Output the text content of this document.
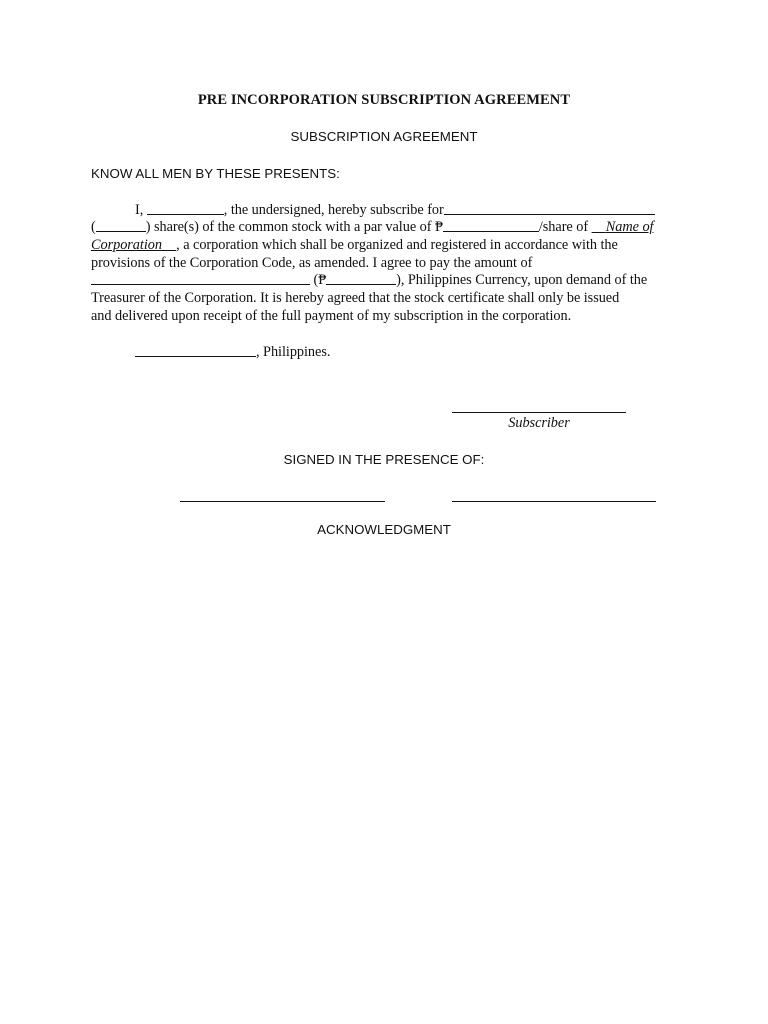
PRE INCORPORATION SUBSCRIPTION AGREEMENT
SUBSCRIPTION AGREEMENT
KNOW ALL MEN BY THESE PRESENTS:
I,	, the undersigned, hereby subscribe for
(	) share(s) of the common stock with a par value of ₱	/share of   Name of
Corporation   , a corporation which shall be organized and registered in accordance with the
provisions of the Corporation Code, as amended. I agree to pay the amount of
(₱	), Philippines Currency, upon demand of the
Treasurer of the Corporation. It is hereby agreed that the stock certificate shall only be issued
and delivered upon receipt of the full payment of my subscription in the corporation.
, Philippines.
Subscriber
SIGNED IN THE PRESENCE OF:
ACKNOWLEDGMENT
